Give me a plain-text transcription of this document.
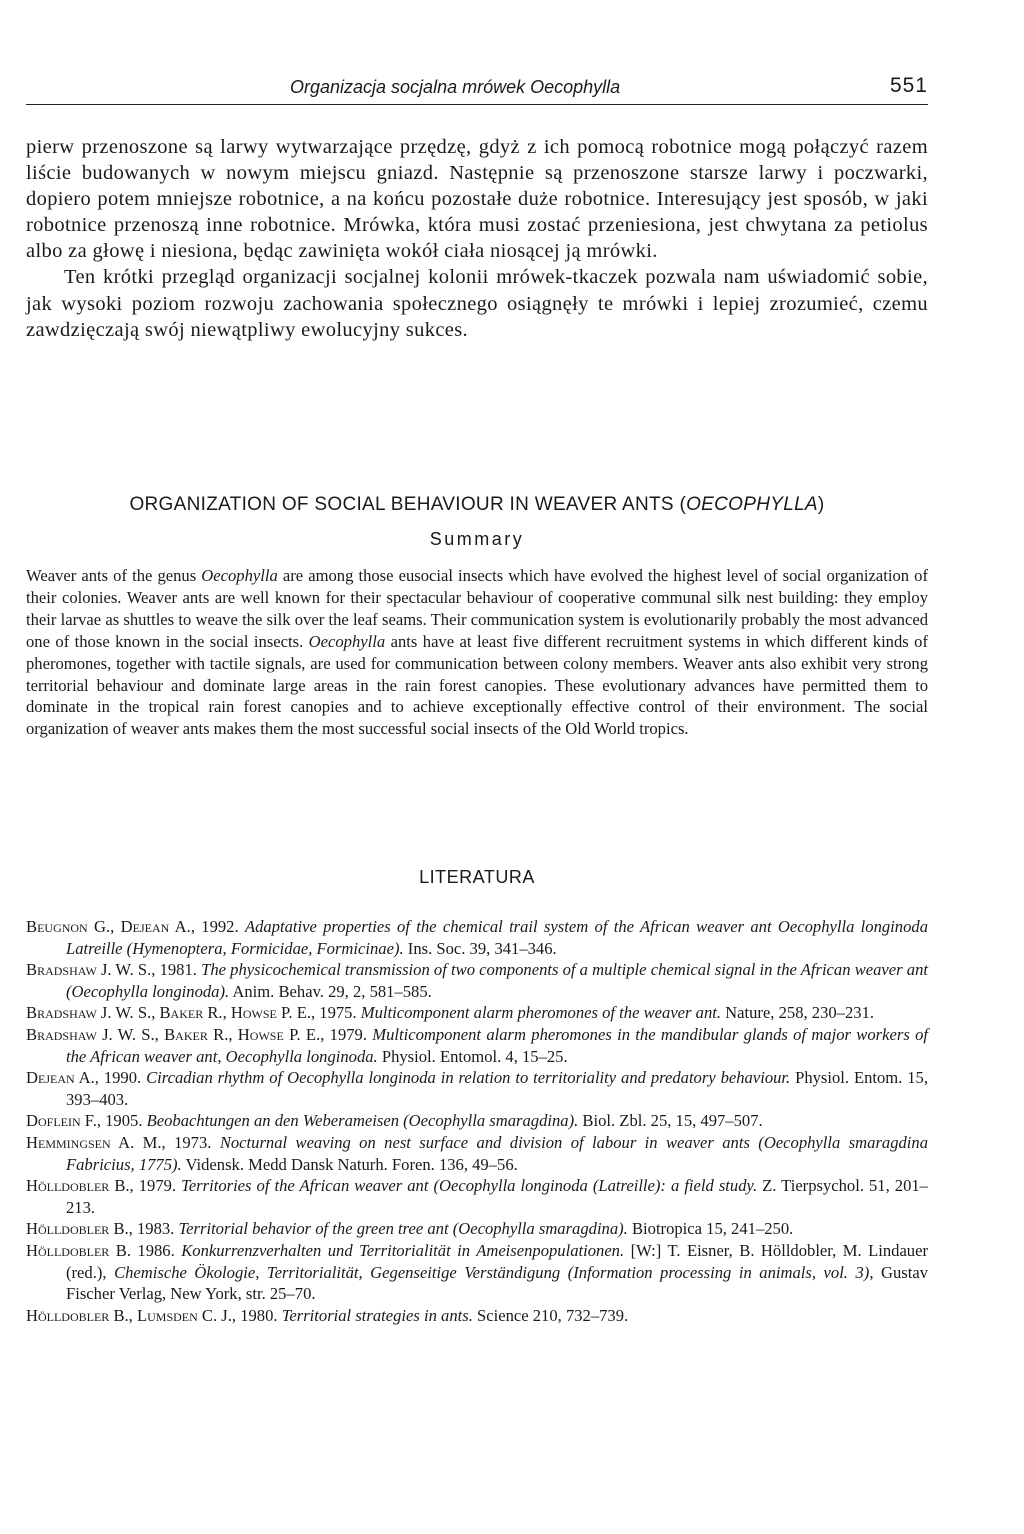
Organizacja socjalna mrówek Oecophylla	551

pierw przenoszone są larwy wytwarzające przędzę, gdyż z ich pomocą robotnice mogą połączyć razem liście budowanych w nowym miejscu gniazd. Następnie są przenoszone starsze larwy i poczwarki, dopiero potem mniejsze robotnice, a na końcu pozostałe duże robotnice. Interesujący jest sposób, w jaki robotnice przenoszą inne robotnice. Mrówka, która musi zostać przeniesiona, jest chwytana za petiolus albo za głowę i niesiona, będąc zawinięta wokół ciała niosącej ją mrówki.

Ten krótki przegląd organizacji socjalnej kolonii mrówek-tkaczek pozwala nam uświadomić sobie, jak wysoki poziom rozwoju zachowania społecznego osiągnęły te mrówki i lepiej zrozumieć, czemu zawdzięczają swój niewątpliwy ewolucyjny sukces.

ORGANIZATION OF SOCIAL BEHAVIOUR IN WEAVER ANTS (OECOPHYLLA)
Summary

Weaver ants of the genus Oecophylla are among those eusocial insects which have evolved the highest level of social organization of their colonies. Weaver ants are well known for their spectacular behaviour of cooperative communal silk nest building: they employ their larvae as shuttles to weave the silk over the leaf seams. Their communication system is evolutionarily probably the most advanced one of those known in the social insects. Oecophylla ants have at least five different recruitment systems in which different kinds of pheromones, together with tactile signals, are used for communication between colony members. Weaver ants also exhibit very strong territorial behaviour and dominate large areas in the rain forest canopies. These evolutionary advances have permitted them to dominate in the tropical rain forest canopies and to achieve exceptionally effective control of their environment. The social organization of weaver ants makes them the most successful social insects of the Old World tropics.

LITERATURA
Beugnon G., Dejean A., 1992. Adaptative properties of the chemical trail system of the African weaver ant Oecophylla longinoda Latreille (Hymenoptera, Formicidae, Formicinae). Ins. Soc. 39, 341–346.
Bradshaw J. W. S., 1981. The physicochemical transmission of two components of a multiple chemical signal in the African weaver ant (Oecophylla longinoda). Anim. Behav. 29, 2, 581–585.
Bradshaw J. W. S., Baker R., Howse P. E., 1975. Multicomponent alarm pheromones of the weaver ant. Nature, 258, 230–231.
Bradshaw J. W. S., Baker R., Howse P. E., 1979. Multicomponent alarm pheromones in the mandibular glands of major workers of the African weaver ant, Oecophylla longinoda. Physiol. Entomol. 4, 15–25.
Dejean A., 1990. Circadian rhythm of Oecophylla longinoda in relation to territoriality and predatory behaviour. Physiol. Entom. 15, 393–403.
Doflein F., 1905. Beobachtungen an den Weberameisen (Oecophylla smaragdina). Biol. Zbl. 25, 15, 497–507.
Hemmingsen A. M., 1973. Nocturnal weaving on nest surface and division of labour in weaver ants (Oecophylla smaragdina Fabricius, 1775). Vidensk. Medd Dansk Naturh. Foren. 136, 49–56.
Hölldobler B., 1979. Territories of the African weaver ant (Oecophylla longinoda (Latreille): a field study. Z. Tierpsychol. 51, 201–213.
Hölldobler B., 1983. Territorial behavior of the green tree ant (Oecophylla smaragdina). Biotropica 15, 241–250.
Hölldobler B. 1986. Konkurrenzverhalten und Territorialität in Ameisenpopulationen. [W:] T. Eisner, B. Hölldobler, M. Lindauer (red.), Chemische Ökologie, Territorialität, Gegenseitige Verständigung (Information processing in animals, vol. 3), Gustav Fischer Verlag, New York, str. 25–70.
Hölldobler B., Lumsden C. J., 1980. Territorial strategies in ants. Science 210, 732–739.
